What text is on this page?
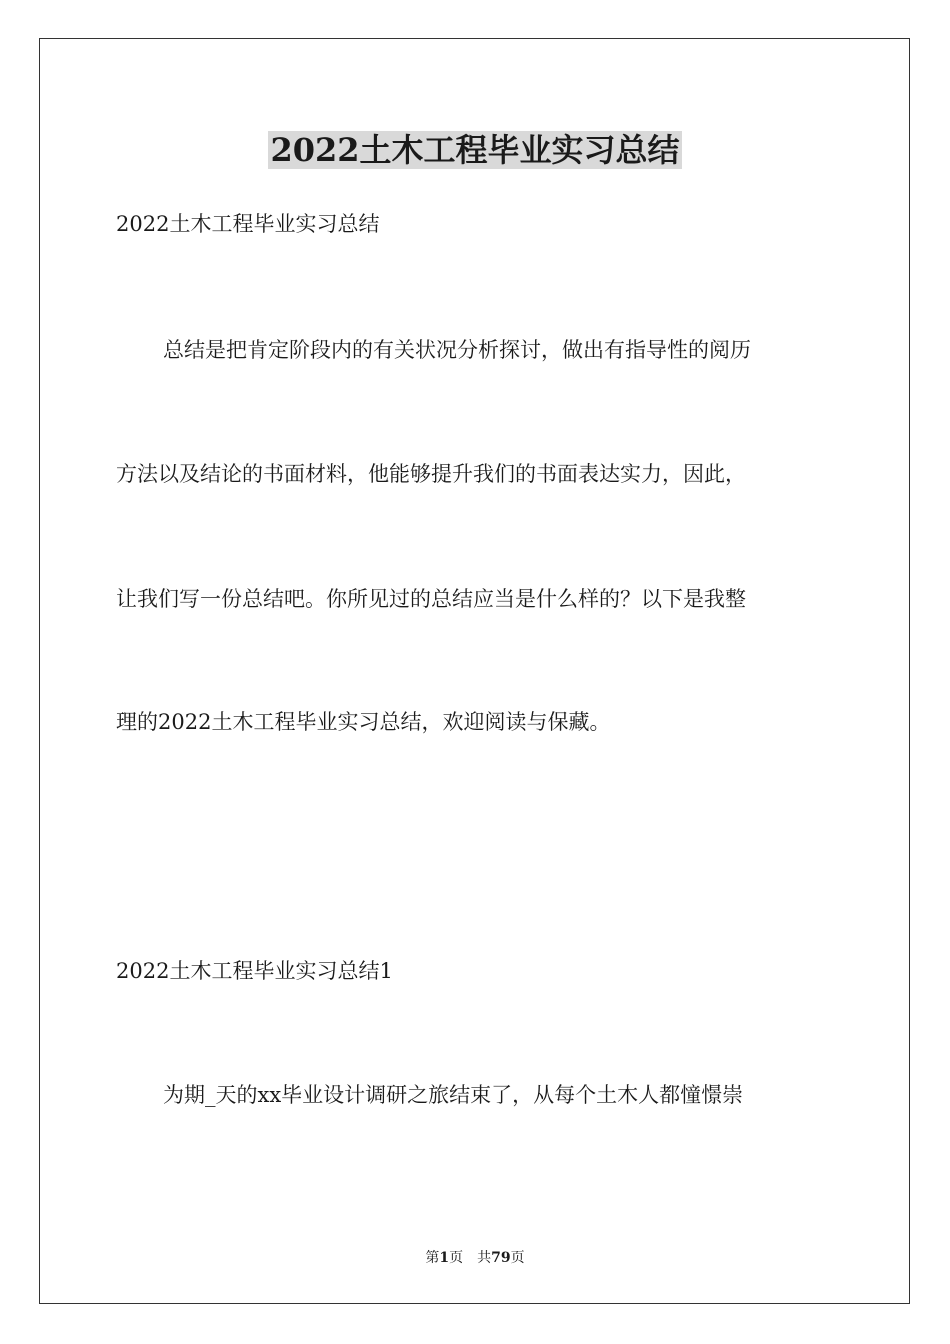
2022土木工程毕业实习总结
2022土木工程毕业实习总结
总结是把肯定阶段内的有关状况分析探讨，做出有指导性的阅历
方法以及结论的书面材料，他能够提升我们的书面表达实力，因此，
让我们写一份总结吧。你所见过的总结应当是什么样的？以下是我整
理的2022土木工程毕业实习总结，欢迎阅读与保藏。
2022土木工程毕业实习总结1
为期_天的xx毕业设计调研之旅结束了，从每个土木人都憧憬崇
第1页 共79页
